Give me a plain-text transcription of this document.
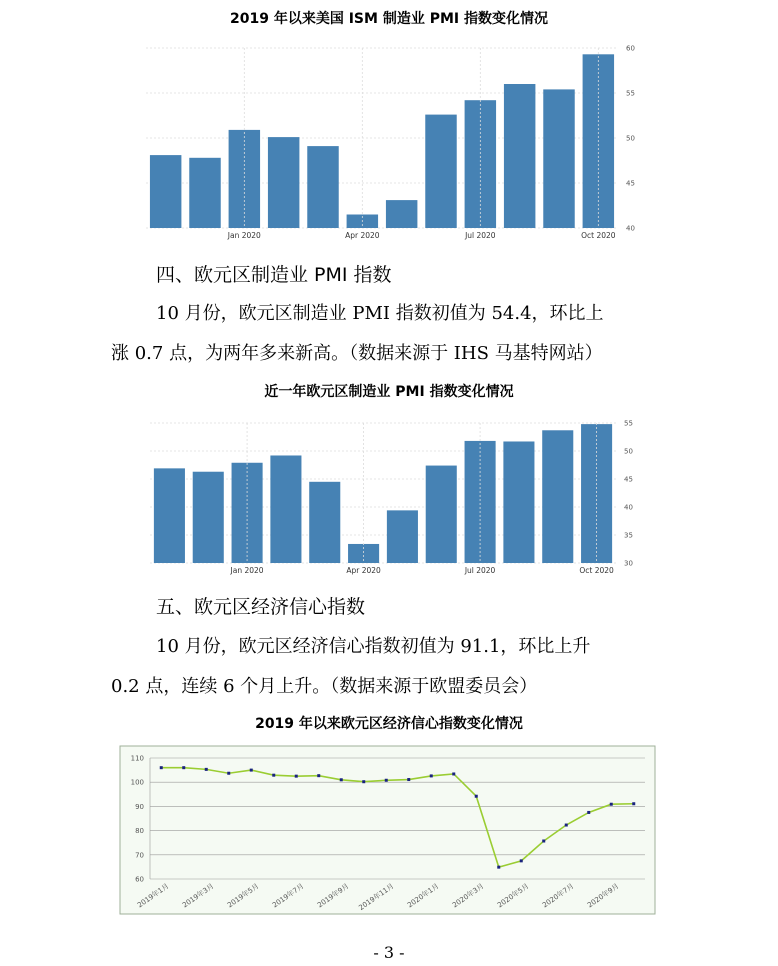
2019 年以来美国 ISM 制造业 PMI 指数变化情况
40
45
50
55
60
Jan 2020	Apr 2020	Jul 2020	Oct 2020
四、欧元区制造业 PMI 指数
10 月份，欧元区制造业 PMI 指数初值为 54.4，环比上
涨 0.7 点，为两年多来新高。（数据来源于 IHS 马基特网站）
近一年欧元区制造业 PMI 指数变化情况
30
35
40
45
50
55
Jan 2020	Apr 2020	Jul 2020	Oct 2020
五、欧元区经济信心指数
10 月份，欧元区经济信心指数初值为 91.1，环比上升
0.2 点，连续 6 个月上升。（数据来源于欧盟委员会）
2019 年以来欧元区经济信心指数变化情况
60
70
80
90
100
110
2019年1月 2019年3月 2019年5月 2019年7月 2019年9月 2019年11月 2020年1月 2020年3月 2020年5月 2020年7月 2020年9月
- 3 -
